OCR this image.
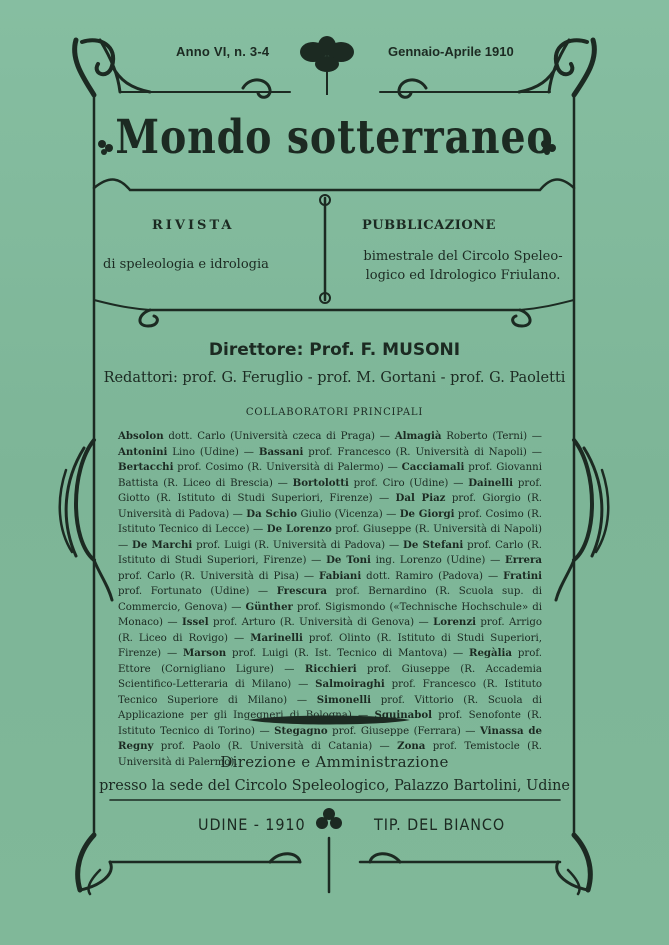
Anno VI, n. 3-4	Gennaio-Aprile 1910
Mondo sotterraneo
RIVISTA
di speleologia e idrologia
PUBBLICAZIONE
bimestrale del Circolo Speleo- logico ed Idrologico Friulano.
Direttore: Prof. F. MUSONI
Redattori: prof. G. Feruglio - prof. M. Gortani - prof. G. Paoletti
COLLABORATORI PRINCIPALI
Absolon dott. Carlo (Università czeca di Praga) — Almagià Roberto (Terni) — Antonini Lino (Udine) — Bassani prof. Francesco (R. Università di Napoli) — Bertacchi prof. Cosimo (R. Università di Palermo) — Cacciamali prof. Giovanni Battista (R. Liceo di Brescia) — Bortolotti prof. Ciro (Udine) — Dainelli prof. Giotto (R. Istituto di Studi Superiori, Firenze) — Dal Piaz prof. Giorgio (R. Università di Padova) — Da Schio Giulio (Vicenza) — De Giorgi prof. Cosimo (R. Istituto Tecnico di Lecce) — De Lorenzo prof. Giuseppe (R. Università di Napoli) — De Marchi prof. Luigi (R. Università di Padova) — De Stefani prof. Carlo (R. Istituto di Studi Superiori, Firenze) — De Toni ing. Lorenzo (Udine) — Errera prof. Carlo (R. Università di Pisa) — Fabiani dott. Ramiro (Padova) — Fratini prof. Fortunato (Udine) — Frescura prof. Bernardino (R. Scuola sup. di Commercio, Genova) — Günther prof. Sigismondo («Technische Hochschule» di Monaco) — Issel prof. Arturo (R. Università di Genova) — Lorenzi prof. Arrigo (R. Liceo di Rovigo) — Marinelli prof. Olinto (R. Istituto di Studi Superiori, Firenze) — Marson prof. Luigi (R. Ist. Tecnico di Mantova) — Regàlia prof. Ettore (Cornigliano Ligure) — Ricchieri prof. Giuseppe (R. Accademia Scientifico-Letteraria di Milano) — Salmoiraghi prof. Francesco (R. Istituto Tecnico Superiore di Milano) — Simonelli prof. Vittorio (R. Scuola di Applicazione per gli Ingegneri di Bologna) — Squinabol prof. Senofonte (R. Istituto Tecnico di Torino) — Stegagno prof. Giuseppe (Ferrara) — Vinassa de Regny prof. Paolo (R. Università di Catania) — Zona prof. Temistocle (R. Università di Palermo).
Direzione e Amministrazione
presso la sede del Circolo Speleologico, Palazzo Bartolini, Udine
UDINE - 1910	TIP. DEL BIANCO
